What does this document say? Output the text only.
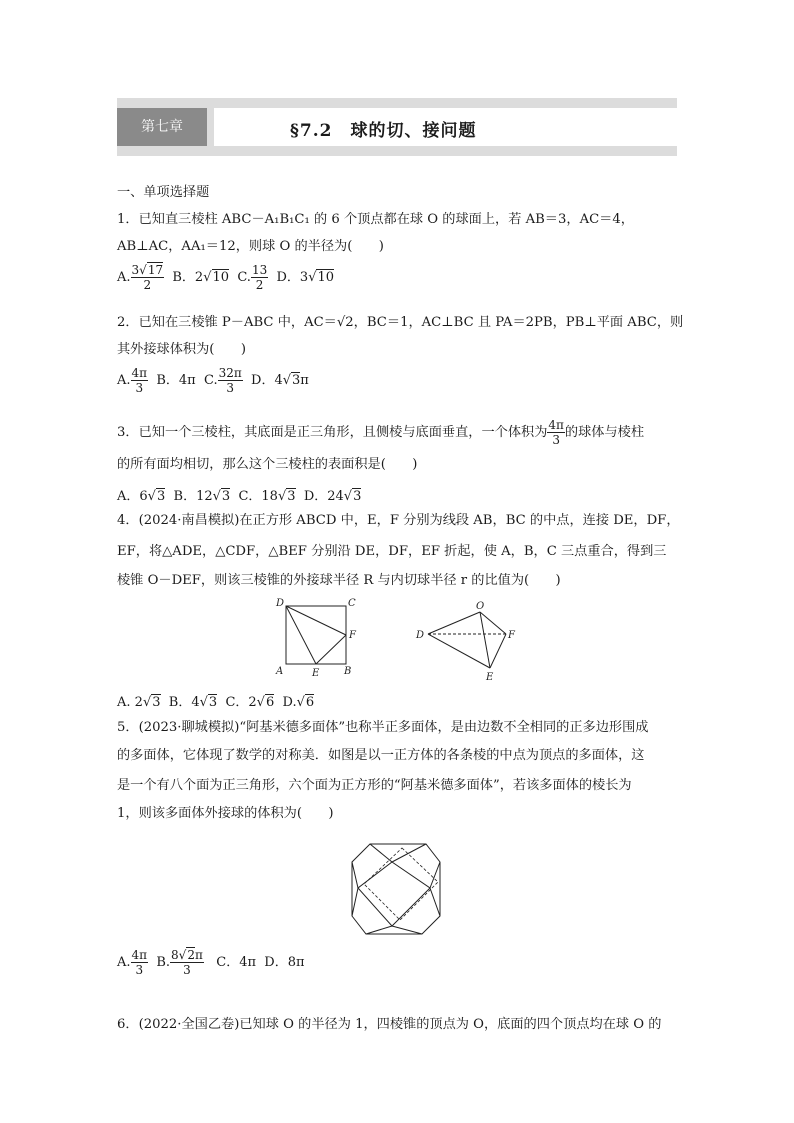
第七章	§7.2　球的切、接问题
一、单项选择题
1．已知直三棱柱 ABC－A₁B₁C₁ 的 6 个顶点都在球 O 的球面上，若 AB＝3，AC＝4，
AB⊥AC，AA₁＝12，则球 O 的半径为(　　)
A. $\frac{3√17}{2}$ B．2√10 C. $\frac{13}{2}$ D．3√10
2．已知在三棱锥 P－ABC 中，AC＝√2，BC＝1，AC⊥BC 且 PA＝2PB，PB⊥平面 ABC，则
其外接球体积为(　　)
A. $\frac{4\pi}{3}$ B．4π C. $\frac{32\pi}{3}$ D．4√3π
3．已知一个三棱柱，其底面是正三角形，且侧棱与底面垂直，一个体积为 $\frac{4\pi}{3}$ 的球体与棱柱
的所有面均相切，那么这个三棱柱的表面积是(　　)
A．6√3 B．12√3 C．18√3 D．24√3
4．(2024·南昌模拟)在正方形 ABCD 中，E，F 分别为线段 AB，BC 的中点，连接 DE，DF，
EF，将△ADE，△CDF，△BEF 分别沿 DE，DF，EF 折起，使 A，B，C 三点重合，得到三
棱锥 O－DEF，则该三棱锥的外接球半径 R 与内切球半径 r 的比值为(　　)
D	C
F
A	E B
O
D	F
E
A. 2√3 B．4√3 C．2√6 D.√6
5．(2023·聊城模拟)“阿基米德多面体”也称半正多面体，是由边数不全相同的正多边形围成
的多面体，它体现了数学的对称美．如图是以一正方体的各条棱的中点为顶点的多面体，这
是一个有八个面为正三角形，六个面为正方形的“阿基米德多面体”，若该多面体的棱长为
1，则该多面体外接球的体积为(　　)
A. $\frac{4\pi}{3} B$. $\frac{8√2\pi}{3}$ C．4π D．8π
6．(2022·全国乙卷)已知球 O 的半径为 1，四棱锥的顶点为 O，底面的四个顶点均在球 O 的
